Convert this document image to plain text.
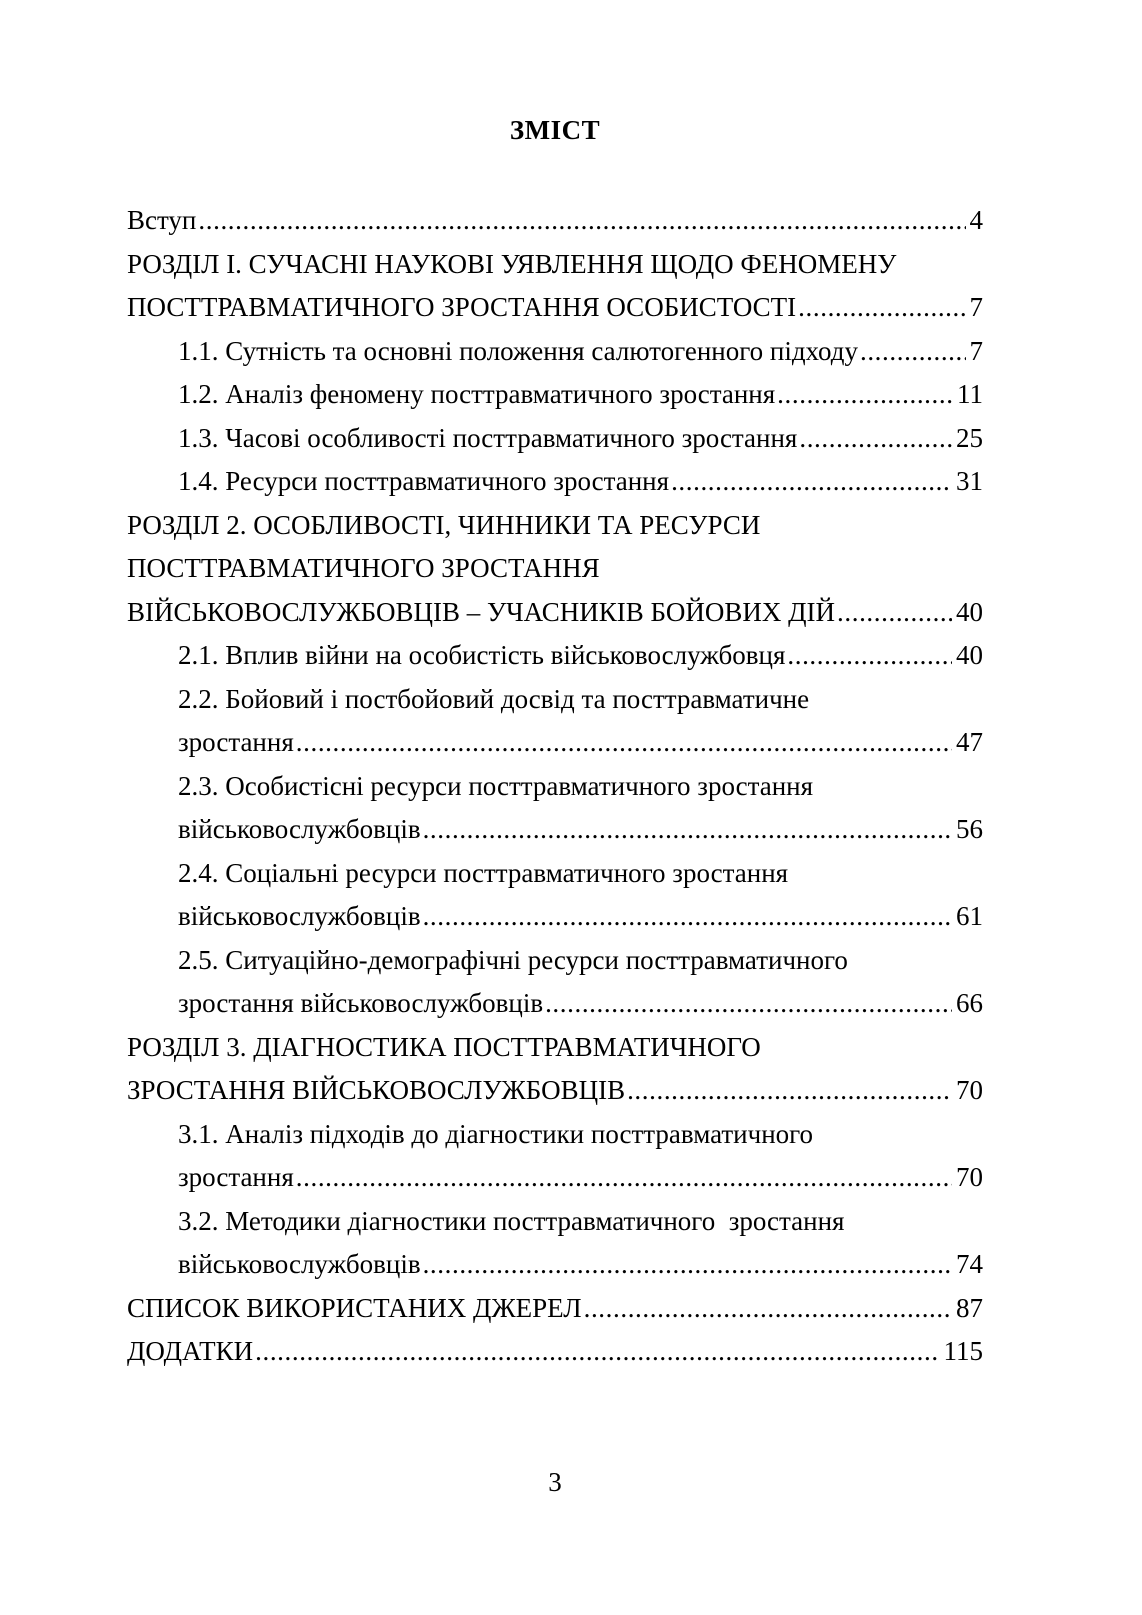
ЗМІСТ
Вступ .....	4
РОЗДІЛ І. СУЧАСНІ НАУКОВІ УЯВЛЕННЯ ЩОДО ФЕНОМЕНУ
ПОСТТРАВМАТИЧНОГО ЗРОСТАННЯ ОСОБИСТОСТІ .....	7
1.1. Сутність та основні положення салютогенного підходу .....	7
1.2. Аналіз феномену посттравматичного зростання .....	11
1.3. Часові особливості посттравматичного зростання .....	25
1.4. Ресурси посттравматичного зростання .....	31
РОЗДІЛ 2. ОСОБЛИВОСТІ, ЧИННИКИ ТА РЕСУРСИ
ПОСТТРАВМАТИЧНОГО ЗРОСТАННЯ
ВІЙСЬКОВОСЛУЖБОВЦІВ – УЧАСНИКІВ БОЙОВИХ ДІЙ .....	40
2.1. Вплив війни на особистість військовослужбовця .....	40
2.2. Бойовий і постбойовий досвід та посттравматичне
зростання .....	47
2.3. Особистісні ресурси посттравматичного зростання
військовослужбовців .....	56
2.4. Соціальні ресурси посттравматичного зростання
військовослужбовців .....	61
2.5. Ситуаційно-демографічні ресурси посттравматичного
зростання військовослужбовців .....	66
РОЗДІЛ 3. ДІАГНОСТИКА ПОСТТРАВМАТИЧНОГО
ЗРОСТАННЯ ВІЙСЬКОВОСЛУЖБОВЦІВ .....	70
3.1. Аналіз підходів до діагностики посттравматичного
зростання .....	70
3.2. Методики діагностики посттравматичного  зростання
військовослужбовців .....	74
СПИСОК ВИКОРИСТАНИХ ДЖЕРЕЛ .....	87
ДОДАТКИ .....	115
3
